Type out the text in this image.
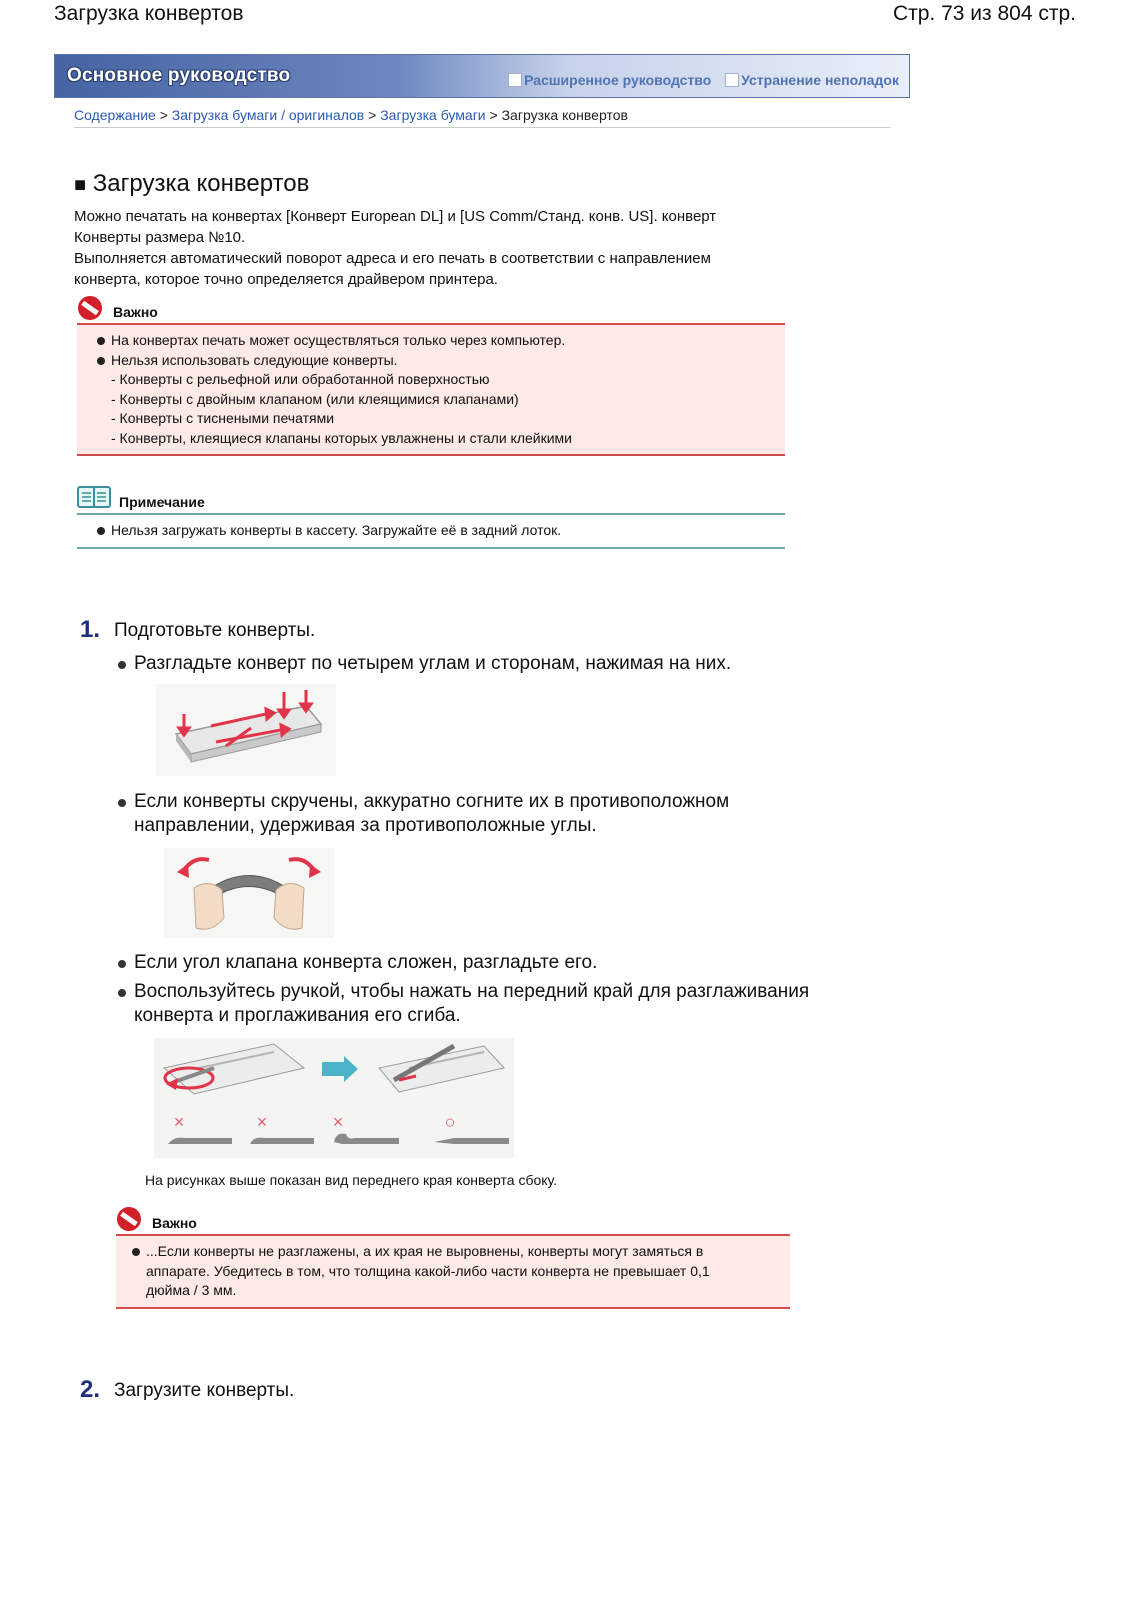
Загрузка конвертов	Стр. 73 из 804 стр.
Основное руководство	Расширенное руководство Устранение неполадок
Содержание > Загрузка бумаги / оригиналов > Загрузка бумаги > Загрузка конвертов
■ Загрузка конвертов
Можно печатать на конвертах [Конверт European DL] и [US Comm/Станд. конв. US]. конверт
Конверты размера №10.
Выполняется автоматический поворот адреса и его печать в соответствии с направлением
конверта, которое точно определяется драйвером принтера.
Важно
На конвертах печать может осуществляться только через компьютер.
Нельзя использовать следующие конверты.
- Конверты с рельефной или обработанной поверхностью
- Конверты с двойным клапаном (или клеящимися клапанами)
- Конверты с тиснеными печатями
- Конверты, клеящиеся клапаны которых увлажнены и стали клейкими
Примечание
Нельзя загружать конверты в кассету. Загружайте её в задний лоток.
1. Подготовьте конверты.
Разгладьте конверт по четырем углам и сторонам, нажимая на них.
Если конверты скручены, аккуратно согните их в противоположном
направлении, удерживая за противоположные углы.
Если угол клапана конверта сложен, разгладьте его.
Воспользуйтесь ручкой, чтобы нажать на передний край для разглаживания
конверта и проглаживания его сгиба.
×	×	×	○
На рисунках выше показан вид переднего края конверта сбоку.
Важно
...Если конверты не разглажены, а их края не выровнены, конверты могут замяться в
аппарате. Убедитесь в том, что толщина какой-либо части конверта не превышает 0,1
дюйма / 3 мм.
2. Загрузите конверты.
